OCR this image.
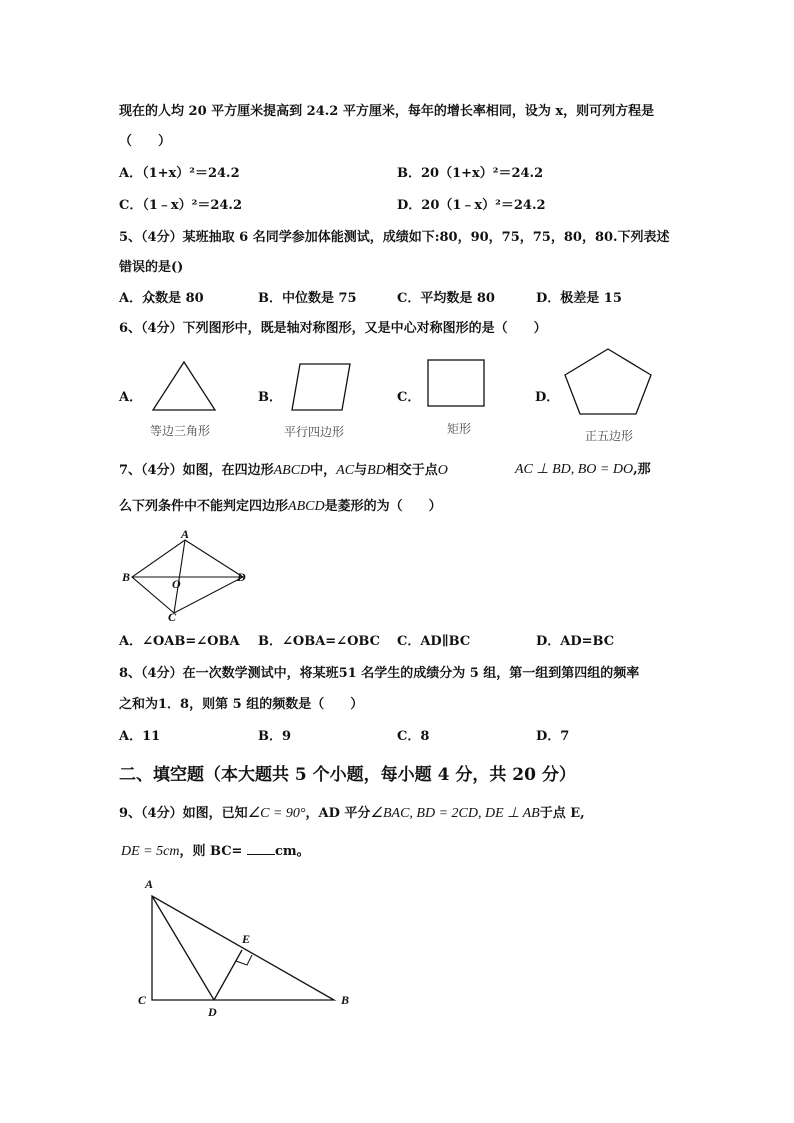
现在的人均 20 平方厘米提高到 24.2 平方厘米，每年的增长率相同，设为 x，则可列方程是
（　　）
A．（1+x）²＝24.2	B．20（1+x）²＝24.2
C．（1﹣x）²＝24.2	D．20（1﹣x）²＝24.2
5、（4分）某班抽取 6 名同学参加体能测试，成绩如下:80，90，75，75，80，80.下列表述
错误的是()
A．众数是 80	B．中位数是 75	C．平均数是 80	D．极差是 15
6、（4分）下列图形中，既是轴对称图形，又是中心对称图形的是（　　）
A．
等边三角形
B．
平行四边形
C．
矩形
D．
正五边形
7、（4分）如图，在四边形ABCD中，AC与BD相交于点O	AC ⊥ BD, BO = DO,那
么下列条件中不能判定四边形ABCD是菱形的为（　　）
A
B	O	D
C
A．∠OAB=∠OBA B．∠OBA=∠OBC C．AD∥BC	D．AD=BC
8、（4分）在一次数学测试中，将某班51 名学生的成绩分为 5 组，第一组到第四组的频率
之和为1．8，则第 5 组的频数是（　　）
A．11	B．9	C．8	D．7
二、填空题（本大题共 5 个小题，每小题 4 分，共 20 分）
9、（4分）如图，已知∠C = 90°，AD 平分∠BAC, BD = 2CD, DE ⊥ AB于点 E,
DE = 5cm，则 BC=	cm。
A
E
C
D
B
